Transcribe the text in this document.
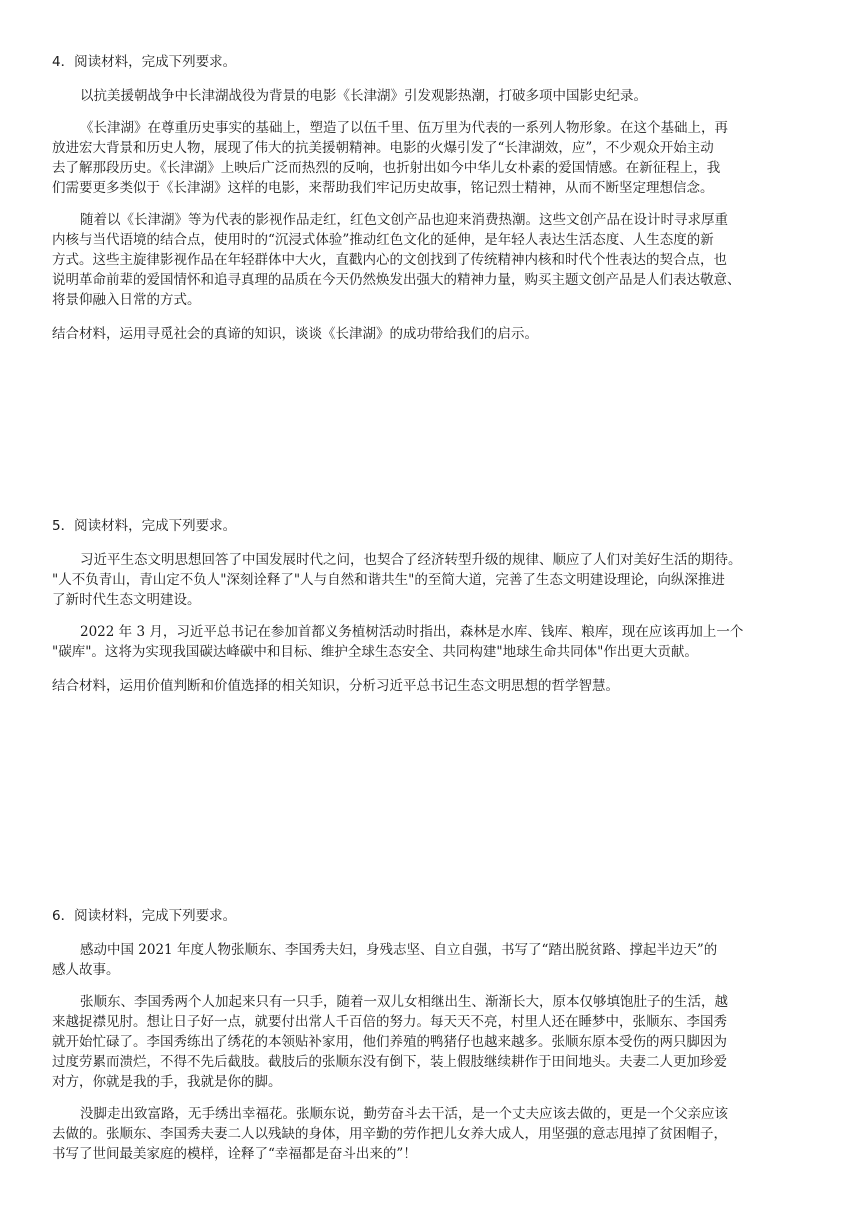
4．阅读材料，完成下列要求。

以抗美援朝战争中长津湖战役为背景的电影《长津湖》引发观影热潮，打破多项中国影史纪录。

《长津湖》在尊重历史事实的基础上，塑造了以伍千里、伍万里为代表的一系列人物形象。在这个基础上，再

放进宏大背景和历史人物，展现了伟大的抗美援朝精神。电影的火爆引发了“长津湖效，应”，不少观众开始主动

去了解那段历史。《长津湖》上映后广泛而热烈的反响，也折射出如今中华儿女朴素的爱国情感。在新征程上，我

们需要更多类似于《长津湖》这样的电影，来帮助我们牢记历史故事，铭记烈士精神，从而不断坚定理想信念。

随着以《长津湖》等为代表的影视作品走红，红色文创产品也迎来消费热潮。这些文创产品在设计时寻求厚重

内核与当代语境的结合点，使用时的“沉浸式体验”推动红色文化的延伸，是年轻人表达生活态度、人生态度的新

方式。这些主旋律影视作品在年轻群体中大火，直戳内心的文创找到了传统精神内核和时代个性表达的契合点，也

说明革命前辈的爱国情怀和追寻真理的品质在今天仍然焕发出强大的精神力量，购买主题文创产品是人们表达敬意、

将景仰融入日常的方式。

结合材料，运用寻觅社会的真谛的知识，谈谈《长津湖》的成功带给我们的启示。

5．阅读材料，完成下列要求。

习近平生态文明思想回答了中国发展时代之问，也契合了经济转型升级的规律、顺应了人们对美好生活的期待。

"人不负青山，青山定不负人"深刻诠释了"人与自然和谐共生"的至简大道，完善了生态文明建设理论，向纵深推进

了新时代生态文明建设。

2022 年 3 月，习近平总书记在参加首都义务植树活动时指出，森林是水库、钱库、粮库，现在应该再加上一个

"碳库"。这将为实现我国碳达峰碳中和目标、维护全球生态安全、共同构建"地球生命共同体"作出更大贡献。

结合材料，运用价值判断和价值选择的相关知识，分析习近平总书记生态文明思想的哲学智慧。

6．阅读材料，完成下列要求。

感动中国 2021 年度人物张顺东、李国秀夫妇，身残志坚、自立自强，书写了“踏出脱贫路、撑起半边天”的

感人故事。

张顺东、李国秀两个人加起来只有一只手，随着一双儿女相继出生、渐渐长大，原本仅够填饱肚子的生活，越

来越捉襟见肘。想让日子好一点，就要付出常人千百倍的努力。每天天不亮，村里人还在睡梦中，张顺东、李国秀

就开始忙碌了。李国秀练出了绣花的本领贴补家用，他们养殖的鸭猪仔也越来越多。张顺东原本受伤的两只脚因为

过度劳累而溃烂，不得不先后截肢。截肢后的张顺东没有倒下，装上假肢继续耕作于田间地头。夫妻二人更加珍爱

对方，你就是我的手，我就是你的脚。

没脚走出致富路，无手绣出幸福花。张顺东说，勤劳奋斗去干活，是一个丈夫应该去做的，更是一个父亲应该

去做的。张顺东、李国秀夫妻二人以残缺的身体，用辛勤的劳作把儿女养大成人，用坚强的意志甩掉了贫困帽子，

书写了世间最美家庭的模样，诠释了“幸福都是奋斗出来的”！
